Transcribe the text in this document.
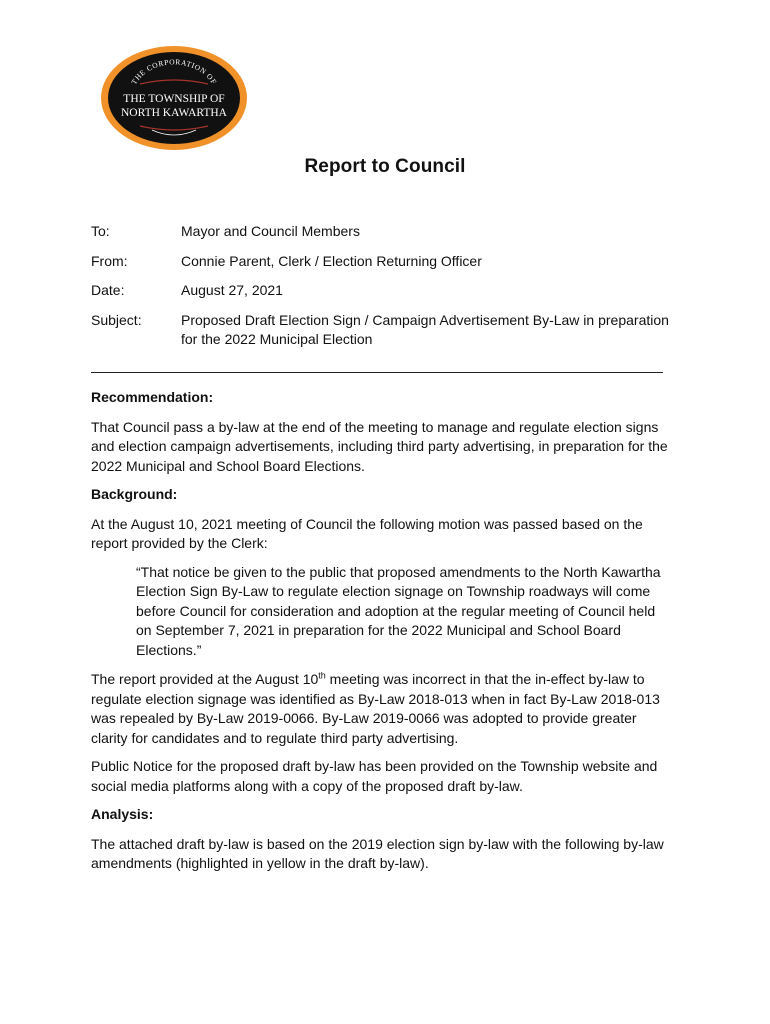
THE CORPORATION OF
THE TOWNSHIP OF
NORTH KAWARTHA
Report to Council
To:	Mayor and Council Members
From:	Connie Parent, Clerk / Election Returning Officer
Date:	August 27, 2021
Subject:	Proposed Draft Election Sign / Campaign Advertisement By-Law in preparation for the 2022 Municipal Election
Recommendation:

That Council pass a by-law at the end of the meeting to manage and regulate election signs and election campaign advertisements, including third party advertising, in preparation for the 2022 Municipal and School Board Elections.

Background:

At the August 10, 2021 meeting of Council the following motion was passed based on the report provided by the Clerk:

“That notice be given to the public that proposed amendments to the North Kawartha Election Sign By-Law to regulate election signage on Township roadways will come before Council for consideration and adoption at the regular meeting of Council held on September 7, 2021 in preparation for the 2022 Municipal and School Board Elections.”

The report provided at the August 10th meeting was incorrect in that the in-effect by-law to regulate election signage was identified as By-Law 2018-013 when in fact By-Law 2018-013 was repealed by By-Law 2019-0066. By-Law 2019-0066 was adopted to provide greater clarity for candidates and to regulate third party advertising.

Public Notice for the proposed draft by-law has been provided on the Township website and social media platforms along with a copy of the proposed draft by-law.

Analysis:

The attached draft by-law is based on the 2019 election sign by-law with the following by-law amendments (highlighted in yellow in the draft by-law).
